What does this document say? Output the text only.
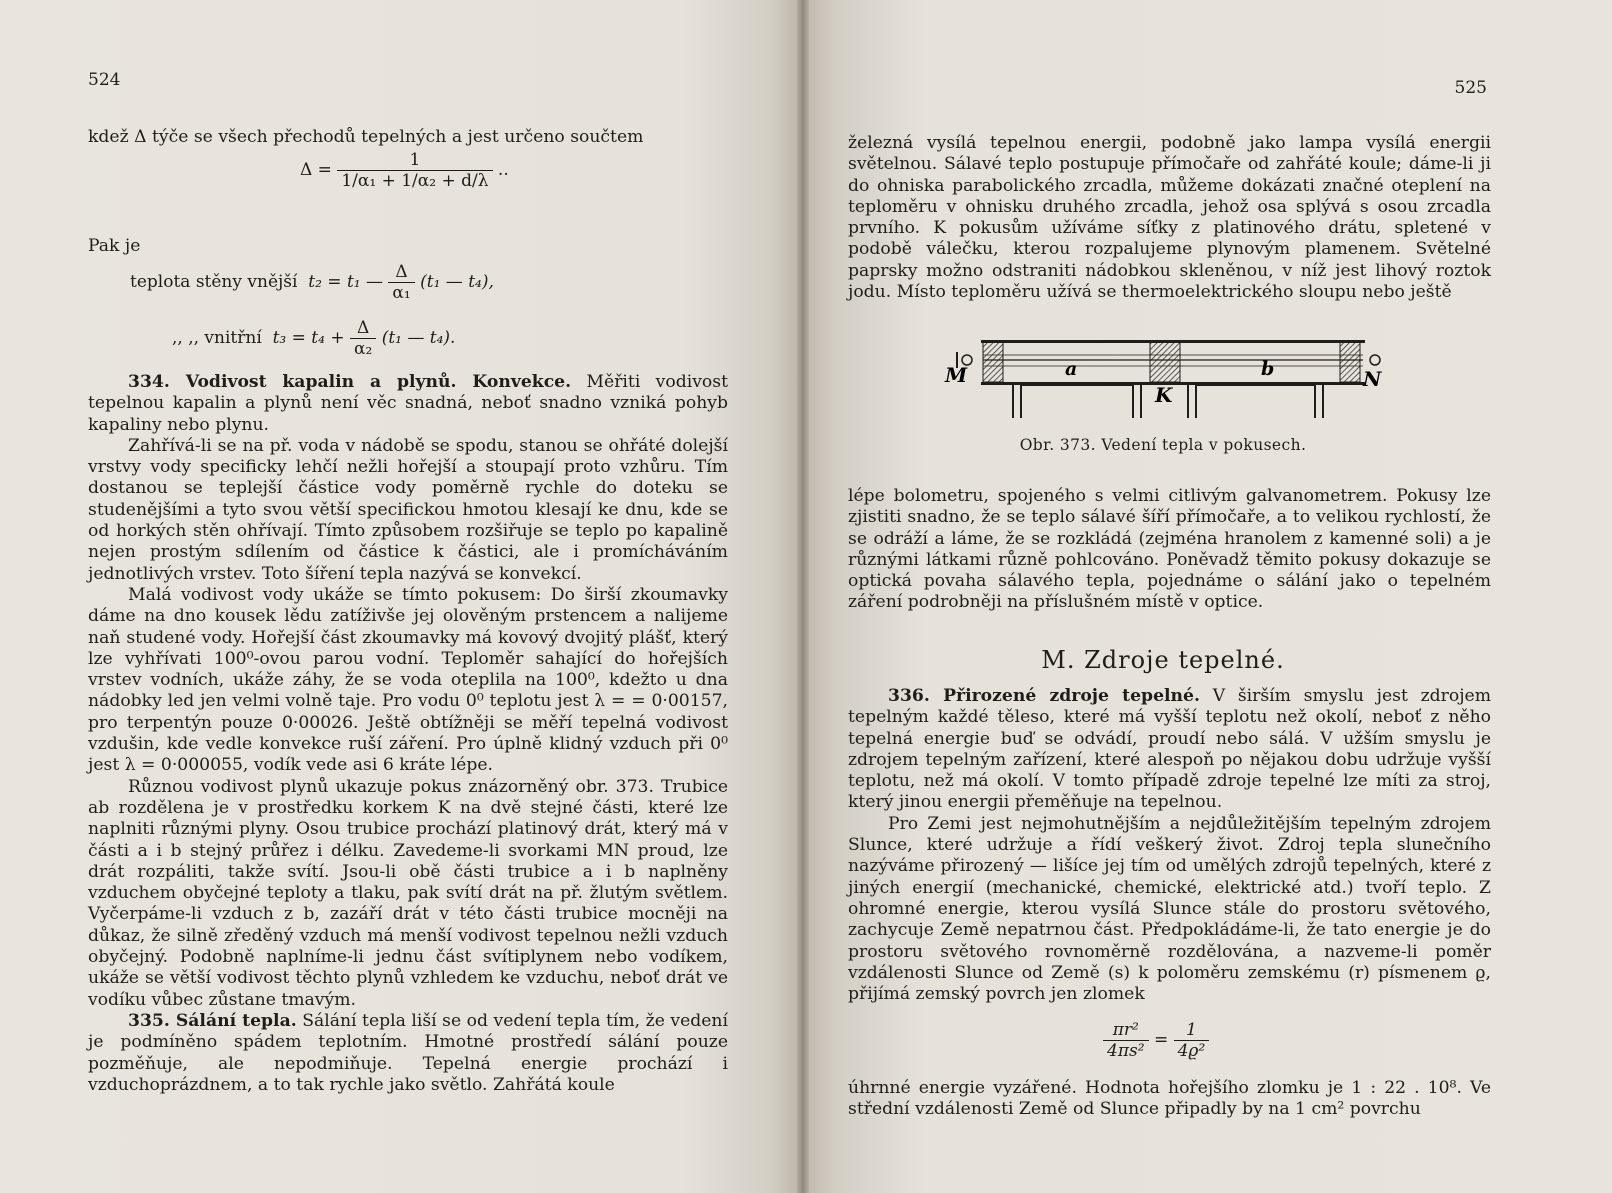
524
kdež Δ týče se všech přechodů tepelných a jest určeno součtem
$\Delta = \frac{1}{\text{1/α₁ + 1/α₂ + d/λ}}$ ..
Pak je
teplota stěny vnější t₂ = t₁ — $\frac{\Delta}{\text{α₁}} (t_1$ — t₄),
,, ,, vnitřní $t_3 = t_4 + \frac{\Delta}{\text{α₂}} (t_1$ — t₄).

334. Vodivost kapalin a plynů. Konvekce. Měřiti vodivost tepelnou kapalin a plynů není věc snadná, neboť snadno vzniká pohyb kapaliny nebo plynu.

Zahřívá-li se na př. voda v nádobě se spodu, stanou se ohřáté dolejší vrstvy vody specificky lehčí nežli hořejší a stoupají proto vzhůru. Tím dostanou se teplejší částice vody poměrně rychle do doteku se studenějšími a tyto svou větší specifickou hmotou klesají ke dnu, kde se od horkých stěn ohřívají. Tímto způsobem rozšiřuje se teplo po kapalině nejen prostým sdílením od částice k částici, ale i promícháváním jednotlivých vrstev. Toto šíření tepla nazývá se konvekcí.

Malá vodivost vody ukáže se tímto pokusem: Do širší zkoumavky dáme na dno kousek lědu zatíživše jej olověným prstencem a nalijeme naň studené vody. Hořejší část zkoumavky má kovový dvojitý plášť, který lze vyhřívati 100⁰-ovou parou vodní. Teploměr sahající do hořejších vrstev vodních, ukáže záhy, že se voda oteplila na 100⁰, kdežto u dna nádobky led jen velmi volně taje. Pro vodu 0⁰ teplotu jest λ = = 0·00157, pro terpentýn pouze 0·00026. Ještě obtížněji se měří tepelná vodivost vzdušin, kde vedle konvekce ruší záření. Pro úplně klidný vzduch při 0⁰ jest λ = 0·000055, vodík vede asi 6 kráte lépe.

Různou vodivost plynů ukazuje pokus znázorněný obr. 373. Trubice ab rozdělena je v prostředku korkem K na dvě stejné části, které lze naplniti různými plyny. Osou trubice prochází platinový drát, který má v části a i b stejný průřez i délku. Zavedeme-li svorkami MN proud, lze drát rozpáliti, takže svítí. Jsou-li obě části trubice a i b naplněny vzduchem obyčejné teploty a tlaku, pak svítí drát na př. žlutým světlem. Vyčerpáme-li vzduch z b, zazáří drát v této části trubice mocněji na důkaz, že silně zředěný vzduch má menší vodivost tepelnou nežli vzduch obyčejný. Podobně naplníme-li jednu část svítiplynem nebo vodíkem, ukáže se větší vodivost těchto plynů vzhledem ke vzduchu, neboť drát ve vodíku vůbec zůstane tmavým.

335. Sálání tepla. Sálání tepla liší se od vedení tepla tím, že vedení je podmíněno spádem teplotním. Hmotné prostředí sálání pouze pozměňuje, ale nepodmiňuje. Tepelná energie prochází i vzduchoprázdnem, a to tak rychle jako světlo. Zahřátá koule

525
železná vysílá tepelnou energii, podobně jako lampa vysílá energii světelnou. Sálavé teplo postupuje přímočaře od zahřáté koule; dáme-li ji do ohniska parabolického zrcadla, můžeme dokázati značné oteplení na teploměru v ohnisku druhého zrcadla, jehož osa splývá s osou zrcadla prvního. K pokusům užíváme síťky z platinového drátu, spletené v podobě válečku, kterou rozpalujeme plynovým plamenem. Světelné paprsky možno odstraniti nádobkou skleněnou, v níž jest lihový roztok jodu. Místo teploměru užívá se thermoelektrického sloupu nebo ještě
M	a
K
b	N
Obr. 373. Vedení tepla v pokusech.
lépe bolometru, spojeného s velmi citlivým galvanometrem. Pokusy lze zjistiti snadno, že se teplo sálavé šíří přímočaře, a to velikou rychlostí, že se odráží a láme, že se rozkládá (zejména hranolem z kamenné soli) a je různými látkami různě pohlcováno. Poněvadž těmito pokusy dokazuje se optická povaha sálavého tepla, pojednáme o sálání jako o tepelném záření podrobněji na příslušném místě v optice.
M. Zdroje tepelné.

336. Přirozené zdroje tepelné. V širším smyslu jest zdrojem tepelným každé těleso, které má vyšší teplotu než okolí, neboť z něho tepelná energie buď se odvádí, proudí nebo sálá. V užším smyslu je zdrojem tepelným zařízení, které alespoň po nějakou dobu udržuje vyšší teplotu, než má okolí. V tomto případě zdroje tepelné lze míti za stroj, který jinou energii přeměňuje na tepelnou.

Pro Zemi jest nejmohutnějším a nejdůležitějším tepelným zdrojem Slunce, které udržuje a řídí veškerý život. Zdroj tepla slunečního nazýváme přirozený — lišíce jej tím od umělých zdrojů tepelných, které z jiných energií (mechanické, chemické, elektrické atd.) tvoří teplo. Z ohromné energie, kterou vysílá Slunce stále do prostoru světového, zachycuje Země nepatrnou část. Předpokládáme-li, že tato energie je do prostoru světového rovnoměrně rozdělována, a nazveme-li poměr vzdálenosti Slunce od Země (s) k poloměru zemskému (r) písmenem ϱ, přijímá zemský povrch jen zlomek

$\frac{\text{πr²}}{\text{4πs²}} = \frac{1}{\text{4ϱ²}}$
úhrnné energie vyzářené. Hodnota hořejšího zlomku je 1 : 22 . 10⁸. Ve střední vzdálenosti Země od Slunce připadly by na 1 cm² povrchu
